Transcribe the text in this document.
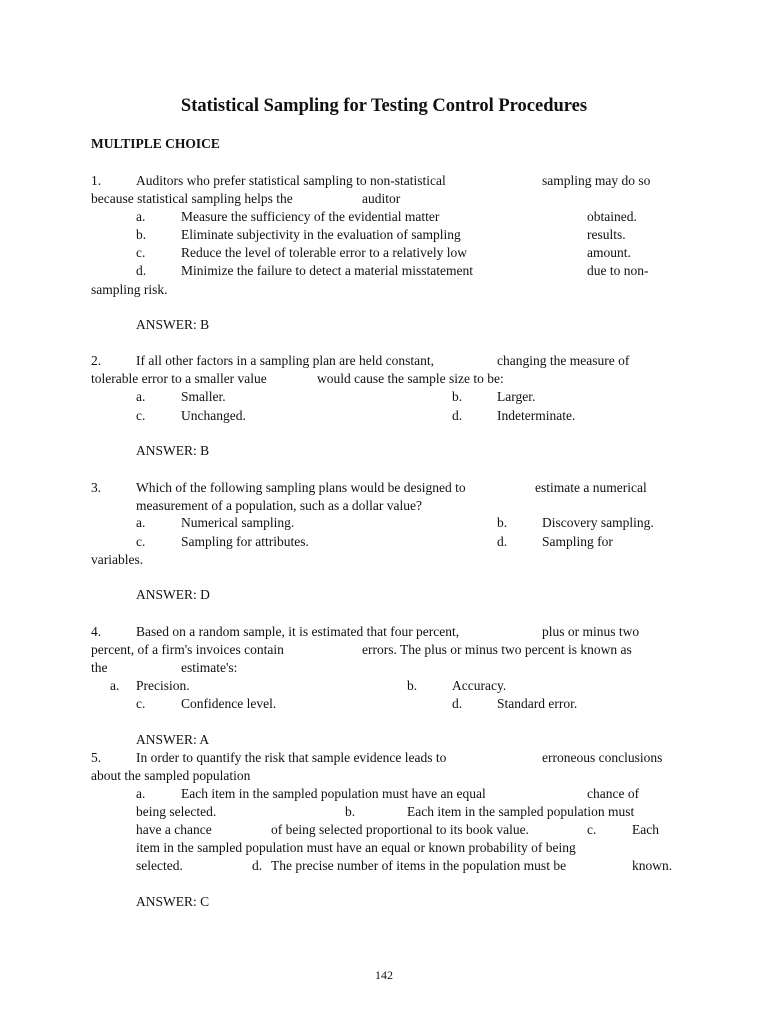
Statistical Sampling for Testing Control Procedures
MULTIPLE CHOICE
1.	Auditors who prefer statistical sampling to non-statistical	sampling may do so
because statistical sampling helps the	auditor
a.	Measure the sufficiency of the evidential matter	obtained.
b.	Eliminate subjectivity in the evaluation of sampling	results.
c.	Reduce the level of tolerable error to a relatively low	amount.
d.	Minimize the failure to detect a material misstatement	due to non-
sampling risk.
ANSWER: B
2.	If all other factors in a sampling plan are held constant,	changing the measure of
tolerable error to a smaller value	would cause the sample size to be:
a.	Smaller.	b.	Larger.
c.	Unchanged.	d.	Indeterminate.
ANSWER: B
3.	Which of the following sampling plans would be designed to	estimate a numerical
measurement of a population, such as a dollar value?
a.	Numerical sampling.	b.	Discovery sampling.
c.	Sampling for attributes.	d.	Sampling for
variables.
ANSWER: D
4.	Based on a random sample, it is estimated that four percent,	plus or minus two
percent, of a firm's invoices contain	errors. The plus or minus two percent is known as
the	estimate's:
a. Precision.	b.	Accuracy.
c.	Confidence level.	d.	Standard error.
ANSWER: A
5.	In order to quantify the risk that sample evidence leads to	erroneous conclusions
about the sampled population
a.	Each item in the sampled population must have an equal	chance of
being selected.	b.	Each item in the sampled population must
have a chance	of being selected proportional to its book value.	c.	Each
item in the sampled population must have an equal or known probability of being
selected.	d. The precise number of items in the population must be	known.
ANSWER: C
142
